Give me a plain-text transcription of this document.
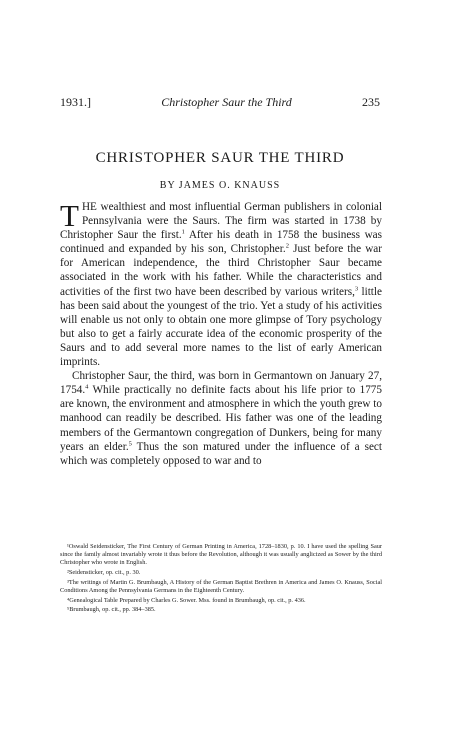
1931.]	Christopher Saur the Third	235
CHRISTOPHER SAUR THE THIRD
BY JAMES O. KNAUSS

THE wealthiest and most influential German publishers in colonial Pennsylvania were the Saurs. The firm was started in 1738 by Christopher Saur the first.$^1$ After his death in 1758 the business was continued and expanded by his son, Christopher.$^2$ Just before the war for American independence, the third Christopher Saur became associated in the work with his father. While the characteristics and activities of the first two have been described by various writers,$^3$ little has been said about the youngest of the trio. Yet a study of his activities will enable us not only to obtain one more glimpse of Tory psychology but also to get a fairly accurate idea of the economic prosperity of the Saurs and to add several more names to the list of early American imprints.

Christopher Saur, the third, was born in Germantown on January 27, 1754.$^4$ While practically no definite facts about his life prior to 1775 are known, the environment and atmosphere in which the youth grew to manhood can readily be described. His father was one of the leading members of the Germantown congregation of Dunkers, being for many years an elder.$^5$ Thus the son matured under the influence of a sect which was completely opposed to war and to

¹Oswald Seidensticker, The First Century of German Printing in America, 1728–1830, p. 10. I have used the spelling Saur since the family almost invariably wrote it thus before the Revolution, although it was usually anglicized as Sower by the third Christopher who wrote in English.

²Seidensticker, op. cit., p. 30.

³The writings of Martin G. Brumbaugh, A History of the German Baptist Brethren in America and James O. Knauss, Social Conditions Among the Pennsylvania Germans in the Eighteenth Century.

⁴Genealogical Table Prepared by Charles G. Sower. Mss. found in Brumbaugh, op. cit., p. 436.

⁵Brumbaugh, op. cit., pp. 384–385.
